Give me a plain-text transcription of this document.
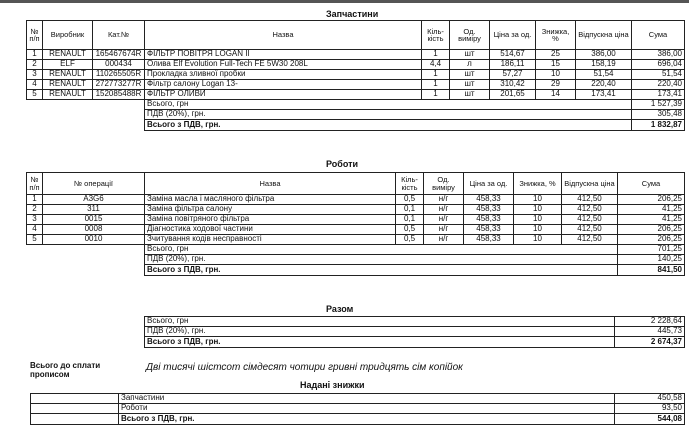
Запчастини
№ п/п	Виробник	Кат.№	Назва	Кіль-кість	Од. виміру	Ціна за од.	Знижка, %	Відпускна ціна	Сума
1	RENAULT	165467674R	ФІЛЬТР ПОВІТРЯ LOGAN II	1	шт	514,67	25	386,00	386,00
2	ELF	000434	Олива Elf Evolution Full-Tech FE 5W30 208L	4,4	л	186,11	15	158,19	696,04
3	RENAULT	110265505R	Прокладка зливної пробки	1	шт	57,27	10	51,54	51,54
4	RENAULT	272773277R	Фільтр салону Logan 13-	1	шт	310,42	29	220,40	220,40
5	RENAULT	152085488R	ФІЛЬТР ОЛИВИ	1	шт	201,65	14	173,41	173,41
			Всього, грн						1 527,39
			ПДВ (20%), грн.						305,48
			Всього з ПДВ, грн.						1 832,87
Роботи
№ п/п	№ операції	Назва	Кіль-кість	Од. виміру	Ціна за од.	Знижка, %	Відпускна ціна	Сума
1	A3G6	Заміна масла і масляного фільтра	0,5	н/г	458,33	10	412,50	206,25
2	311	Заміна фільтра салону	0,1	н/г	458,33	10	412,50	41,25
3	0015	Заміна повітряного фільтра	0,1	н/г	458,33	10	412,50	41,25
4	0008	Діагностика ходової частини	0,5	н/г	458,33	10	412,50	206,25
5	0010	Зчитування кодів несправності	0,5	н/г	458,33	10	412,50	206,25
		Всього, грн						701,25
		ПДВ (20%), грн.						140,25
		Всього з ПДВ, грн.						841,50
Разом
Всього, грн	2 228,64
ПДВ (20%), грн.	445,73
Всього з ПДВ, грн.	2 674,37
Всього до сплати
прописом
Дві тисячі шістсот сімдесят чотири гривні тридцять сім копійок
Надані знижки
	Запчастини	450,58
	Роботи	93,50
	Всього з ПДВ, грн.	544,08
